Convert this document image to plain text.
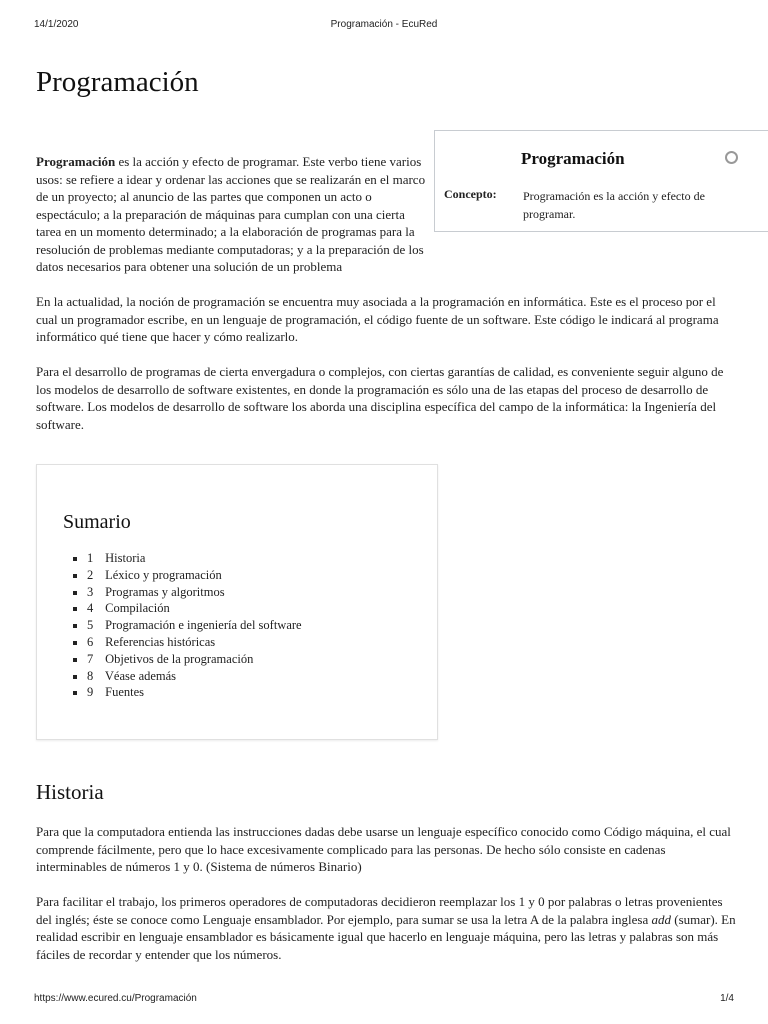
14/1/2020	Programación - EcuRed
Programación
Programación
Concepto: Programación es la acción y efecto de programar.

Programación es la acción y efecto de programar. Este verbo tiene varios usos: se refiere a idear y ordenar las acciones que se realizarán en el marco de un proyecto; al anuncio de las partes que componen un acto o espectáculo; a la preparación de máquinas para cumplan con una cierta tarea en un momento determinado; a la elaboración de programas para la resolución de problemas mediante computadoras; y a la preparación de los datos necesarios para obtener una solución de un problema

En la actualidad, la noción de programación se encuentra muy asociada a la programación en informática. Este es el proceso por el cual un programador escribe, en un lenguaje de programación, el código fuente de un software. Este código le indicará al programa informático qué tiene que hacer y cómo realizarlo.

Para el desarrollo de programas de cierta envergadura o complejos, con ciertas garantías de calidad, es conveniente seguir alguno de los modelos de desarrollo de software existentes, en donde la programación es sólo una de las etapas del proceso de desarrollo de software. Los modelos de desarrollo de software los aborda una disciplina específica del campo de la informática: la Ingeniería del software.

Sumario
▪ 1 Historia
▪ 2 Léxico y programación
▪ 3 Programas y algoritmos
▪ 4 Compilación
▪ 5 Programación e ingeniería del software
▪ 6 Referencias históricas
▪ 7 Objetivos de la programación
▪ 8 Véase además
▪ 9 Fuentes
Historia

Para que la computadora entienda las instrucciones dadas debe usarse un lenguaje específico conocido como Código máquina, el cual comprende fácilmente, pero que lo hace excesivamente complicado para las personas. De hecho sólo consiste en cadenas interminables de números 1 y 0. (Sistema de números Binario)

Para facilitar el trabajo, los primeros operadores de computadoras decidieron reemplazar los 1 y 0 por palabras o letras provenientes del inglés; éste se conoce como Lenguaje ensamblador. Por ejemplo, para sumar se usa la letra A de la palabra inglesa add (sumar). En realidad escribir en lenguaje ensamblador es básicamente igual que hacerlo en lenguaje máquina, pero las letras y palabras son más fáciles de recordar y entender que los números.

https://www.ecured.cu/Programación	1/4
